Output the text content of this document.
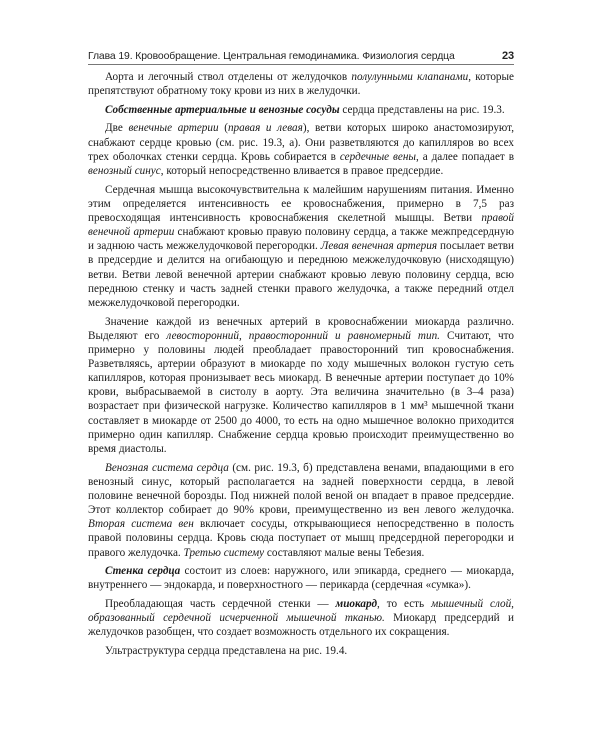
Глава 19. Кровообращение. Центральная гемодинамика. Физиология сердца	23

Аорта и легочный ствол отделены от желудочков полулунными клапанами, которые препятствуют обратному току крови из них в желудочки.

Собственные артериальные и венозные сосуды сердца представлены на рис. 19.3.

Две венечные артерии (правая и левая), ветви которых широко анастомозируют, снабжают сердце кровью (см. рис. 19.3, а). Они разветвляются до капилляров во всех трех оболочках стенки сердца. Кровь собирается в сердечные вены, а далее попадает в венозный синус, который непосредственно вливается в правое предсердие.

Сердечная мышца высокочувствительна к малейшим нарушениям питания. Именно этим определяется интенсивность ее кровоснабжения, примерно в 7,5 раз превосходящая интенсивность кровоснабжения скелетной мышцы. Ветви правой венечной артерии снабжают кровью правую половину сердца, а также межпредсердную и заднюю часть межжелудочковой перегородки. Левая венечная артерия посылает ветви в предсердие и делится на огибающую и переднюю межжелудочковую (нисходящую) ветви. Ветви левой венечной артерии снабжают кровью левую половину сердца, всю переднюю стенку и часть задней стенки правого желудочка, а также передний отдел межжелудочковой перегородки.

Значение каждой из венечных артерий в кровоснабжении миокарда различно. Выделяют его левосторонний, правосторонний и равномерный тип. Считают, что примерно у половины людей преобладает правосторонний тип кровоснабжения. Разветвляясь, артерии образуют в миокарде по ходу мышечных волокон густую сеть капилляров, которая пронизывает весь миокард. В венечные артерии поступает до 10% крови, выбрасываемой в систолу в аорту. Эта величина значительно (в 3–4 раза) возрастает при физической нагрузке. Количество капилляров в 1 мм³ мышечной ткани составляет в миокарде от 2500 до 4000, то есть на одно мышечное волокно приходится примерно один капилляр. Снабжение сердца кровью происходит преимущественно во время диастолы.

Венозная система сердца (см. рис. 19.3, б) представлена венами, впадающими в его венозный синус, который располагается на задней поверхности сердца, в левой половине венечной борозды. Под нижней полой веной он впадает в правое предсердие. Этот коллектор собирает до 90% крови, преимущественно из вен левого желудочка. Вторая система вен включает сосуды, открывающиеся непосредственно в полость правой половины сердца. Кровь сюда поступает от мышц предсердной перегородки и правого желудочка. Третью систему составляют малые вены Тебезия.

Стенка сердца состоит из слоев: наружного, или эпикарда, среднего — миокарда, внутреннего — эндокарда, и поверхностного — перикарда (сердечная «сумка»).

Преобладающая часть сердечной стенки — миокард, то есть мышечный слой, образованный сердечной исчерченной мышечной тканью. Миокард предсердий и желудочков разобщен, что создает возможность отдельного их сокращения.

Ультраструктура сердца представлена на рис. 19.4.
